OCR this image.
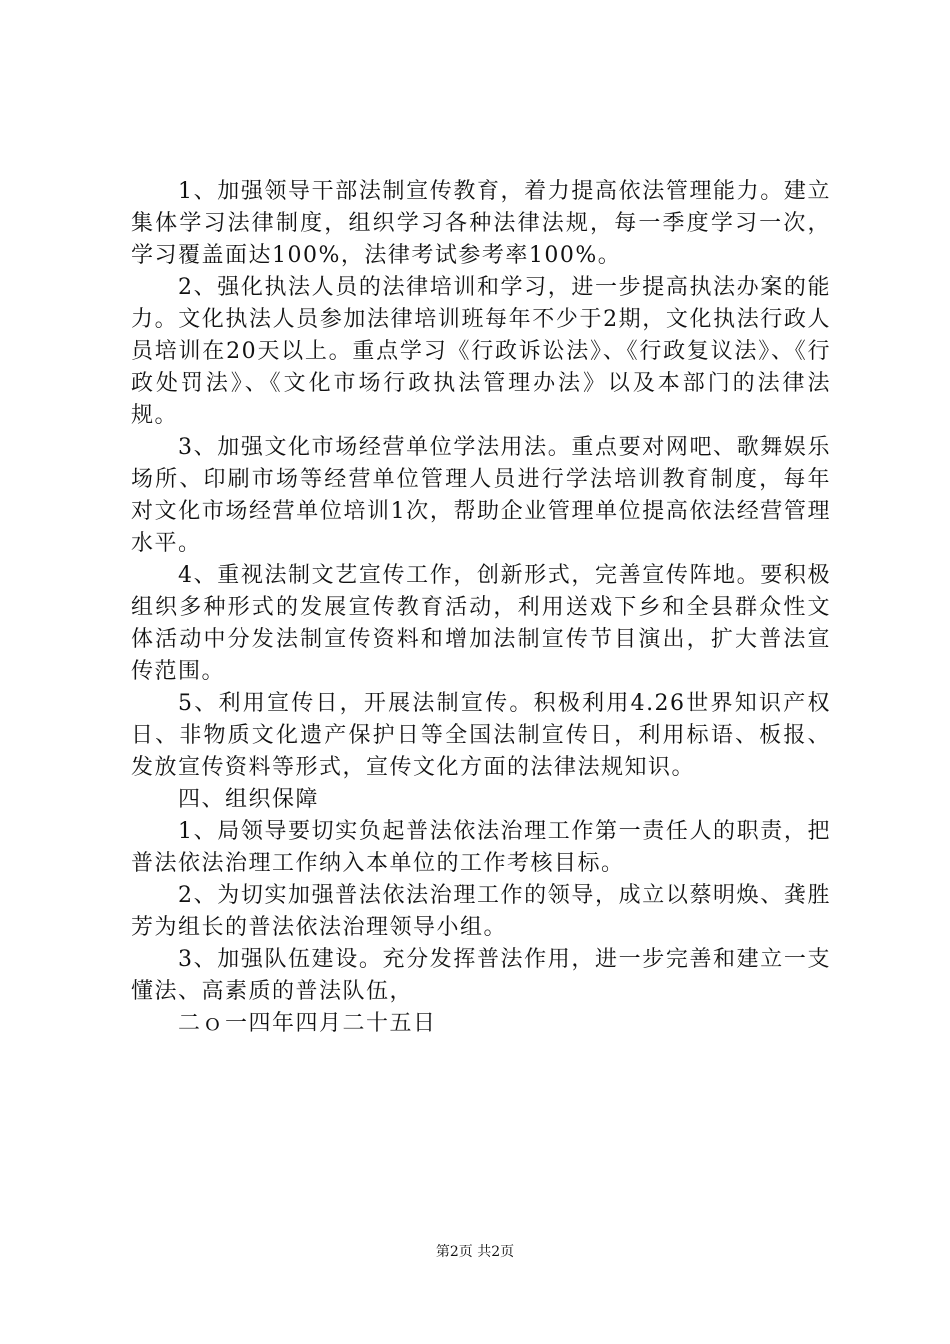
1、加强领导干部法制宣传教育，着力提高依法管理能力。建立集体学习法律制度，组织学习各种法律法规，每一季度学习一次，学习覆盖面达100%，法律考试参考率100%。

2、强化执法人员的法律培训和学习，进一步提高执法办案的能力。文化执法人员参加法律培训班每年不少于2期，文化执法行政人员培训在20天以上。重点学习《行政诉讼法》、《行政复议法》、《行政处罚法》、《文化市场行政执法管理办法》以及本部门的法律法规。

3、加强文化市场经营单位学法用法。重点要对网吧、歌舞娱乐场所、印刷市场等经营单位管理人员进行学法培训教育制度，每年对文化市场经营单位培训1次，帮助企业管理单位提高依法经营管理水平。

4、重视法制文艺宣传工作，创新形式，完善宣传阵地。要积极组织多种形式的发展宣传教育活动，利用送戏下乡和全县群众性文体活动中分发法制宣传资料和增加法制宣传节目演出，扩大普法宣传范围。

5、利用宣传日，开展法制宣传。积极利用4.26世界知识产权日、非物质文化遗产保护日等全国法制宣传日，利用标语、板报、发放宣传资料等形式，宣传文化方面的法律法规知识。

四、组织保障

1、局领导要切实负起普法依法治理工作第一责任人的职责，把普法依法治理工作纳入本单位的工作考核目标。

2、为切实加强普法依法治理工作的领导，成立以蔡明焕、龚胜芳为组长的普法依法治理领导小组。

3、加强队伍建设。充分发挥普法作用，进一步完善和建立一支懂法、高素质的普法队伍，

二ｏ一四年四月二十五日

第2页 共2页
